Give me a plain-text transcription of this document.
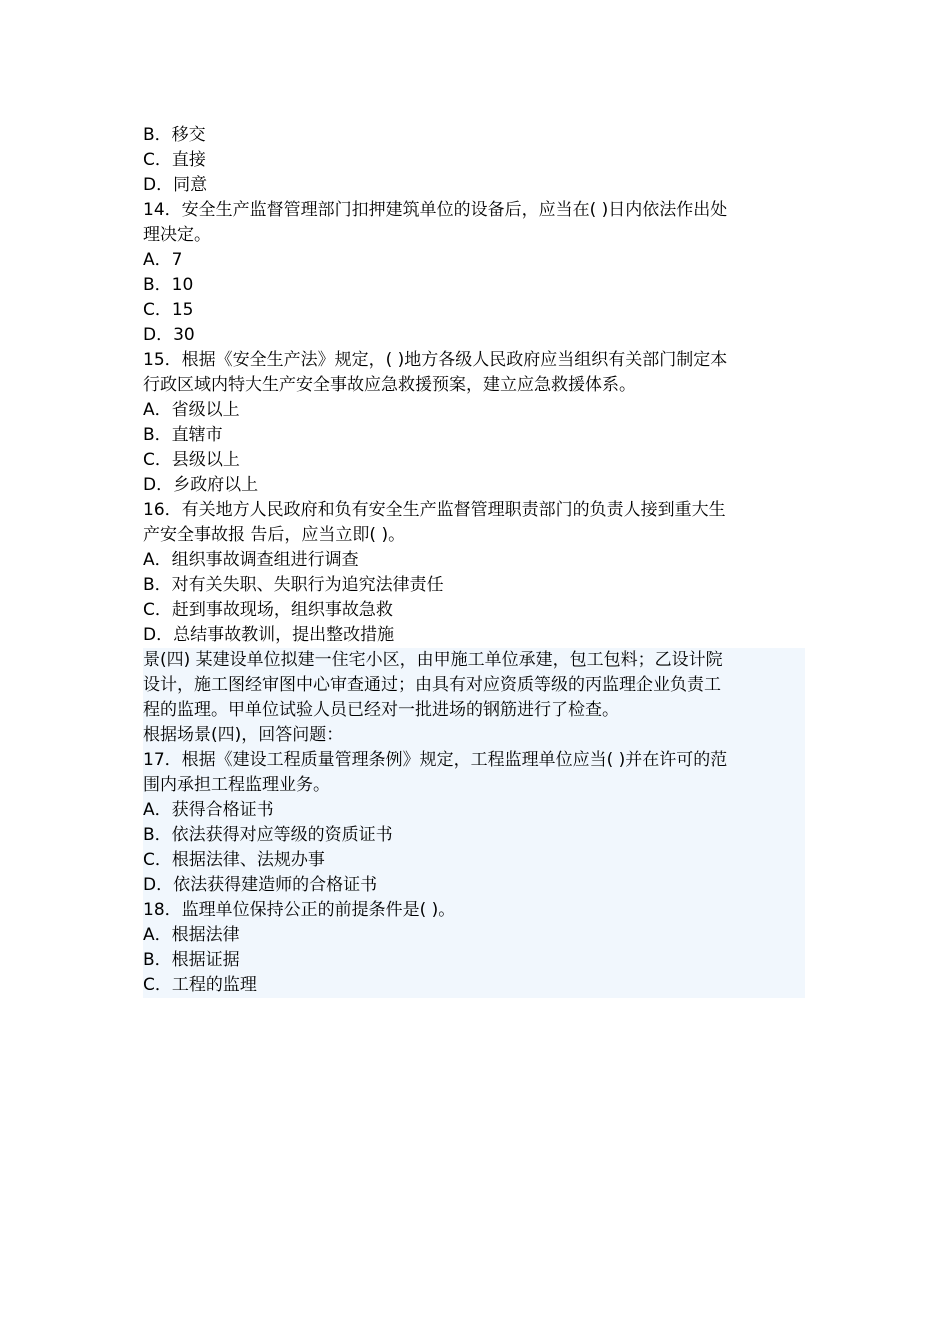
B．移交
C．直接
D．同意
14．安全生产监督管理部门扣押建筑单位的设备后，应当在( )日内依法作出处
理决定。
A．7
B．10
C．15
D．30
15．根据《安全生产法》规定，( )地方各级人民政府应当组织有关部门制定本
行政区域内特大生产安全事故应急救援预案，建立应急救援体系。
A．省级以上
B．直辖市
C．县级以上
D．乡政府以上
16．有关地方人民政府和负有安全生产监督管理职责部门的负责人接到重大生
产安全事故报 告后，应当立即( )。
A．组织事故调查组进行调查
B．对有关失职、失职行为追究法律责任
C．赶到事故现场，组织事故急救
D．总结事故教训，提出整改措施
景(四) 某建设单位拟建一住宅小区，由甲施工单位承建，包工包料；乙设计院
设计，施工图经审图中心审查通过；由具有对应资质等级的丙监理企业负责工
程的监理。甲单位试验人员已经对一批进场的钢筋进行了检查。
根据场景(四)，回答问题：
17．根据《建设工程质量管理条例》规定，工程监理单位应当( )并在许可的范
围内承担工程监理业务。
A．获得合格证书
B．依法获得对应等级的资质证书
C．根据法律、法规办事
D．依法获得建造师的合格证书
18．监理单位保持公正的前提条件是( )。
A．根据法律
B．根据证据
C．工程的监理
